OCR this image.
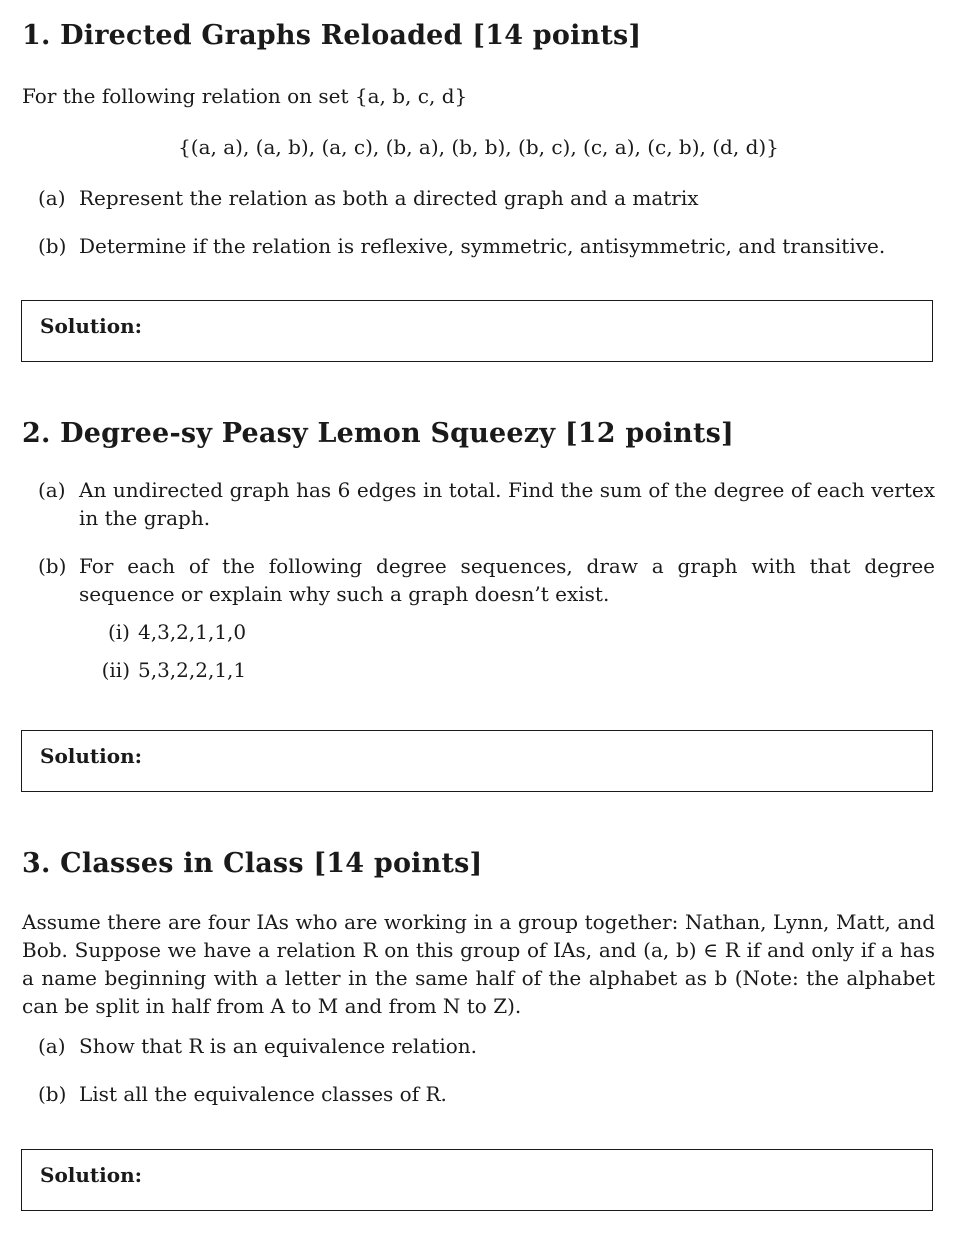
1. Directed Graphs Reloaded [14 points]

For the following relation on set {a, b, c, d}

{(a, a), (a, b), (a, c), (b, a), (b, b), (b, c), (c, a), (c, b), (d, d)}

(a) Represent the relation as both a directed graph and a matrix
(b) Determine if the relation is reflexive, symmetric, antisymmetric, and transitive.
Solution:
2. Degree-sy Peasy Lemon Squeezy [12 points]
(a) An undirected graph has 6 edges in total. Find the sum of the degree of each vertex in the graph.
(b) For each of the following degree sequences, draw a graph with that degree sequence or explain why such a graph doesn’t exist.
(i) 4,3,2,1,1,0
(ii) 5,3,2,2,1,1
Solution:
3. Classes in Class [14 points]

Assume there are four IAs who are working in a group together: Nathan, Lynn, Matt, and Bob. Suppose we have a relation R on this group of IAs, and (a, b) ∈ R if and only if a has a name beginning with a letter in the same half of the alphabet as b (Note: the alphabet can be split in half from A to M and from N to Z).

(a) Show that R is an equivalence relation.
(b) List all the equivalence classes of R.
Solution:
